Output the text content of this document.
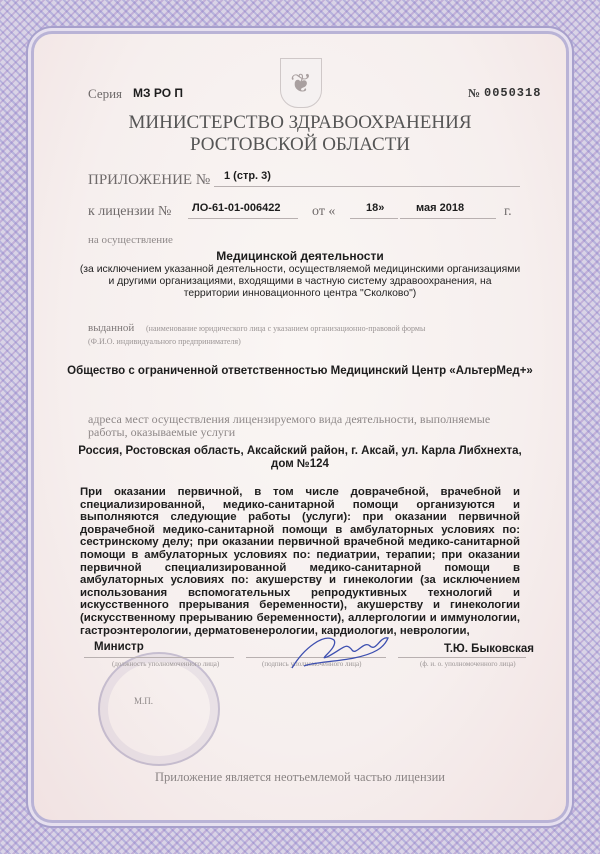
❦
Серия МЗ РО П	№ 0050318
МИНИСТЕРСТВО ЗДРАВООХРАНЕНИЯ
РОСТОВСКОЙ ОБЛАСТИ
ПРИЛОЖЕНИЕ № 1 (стр. 3)
к лицензии № ЛО-61-01-006422 от «	18»	мая 2018	г.
на осуществление
Медицинской деятельности
(за исключением указанной деятельности, осуществляемой медицинскими организациями
и другими организациями, входящими в частную систему здравоохранения, на
территории инновационного центра "Сколково")
выданной (наименование юридического лица с указанием организационно-правовой формы
(Ф.И.О. индивидуального предпринимателя)
Общество с ограниченной ответственностью Медицинский Центр «АльтерМед+»
адреса мест осуществления лицензируемого вида деятельности, выполняемые
работы, оказываемые услуги
Россия, Ростовская область, Аксайский район, г. Аксай, ул. Карла Либхнехта,
дом №124
При оказании первичной, в том числе доврачебной, врачебной и специализированной, медико-санитарной помощи организуются и выполняются следующие работы (услуги): при оказании первичной доврачебной медико-санитарной помощи в амбулаторных условиях по: сестринскому делу; при оказании первичной врачебной медико-санитарной помощи в амбулаторных условиях по: педиатрии, терапии; при оказании первичной специализированной медико-санитарной помощи в амбулаторных условиях по: акушерству и гинекологии (за исключением использования вспомогательных репродуктивных технологий и искусственного прерывания беременности), акушерству и гинекологии (искусственному прерыванию беременности), аллергологии и иммунологии, гастроэнтерологии, дерматовенерологии, кардиологии, неврологии,
Министр
(должность уполномоченного лица)	(подпись уполномоченного лица)
Т.Ю. Быковская
(ф. и. о. уполномоченного лица)
М.П.
Приложение является неотъемлемой частью лицензии
